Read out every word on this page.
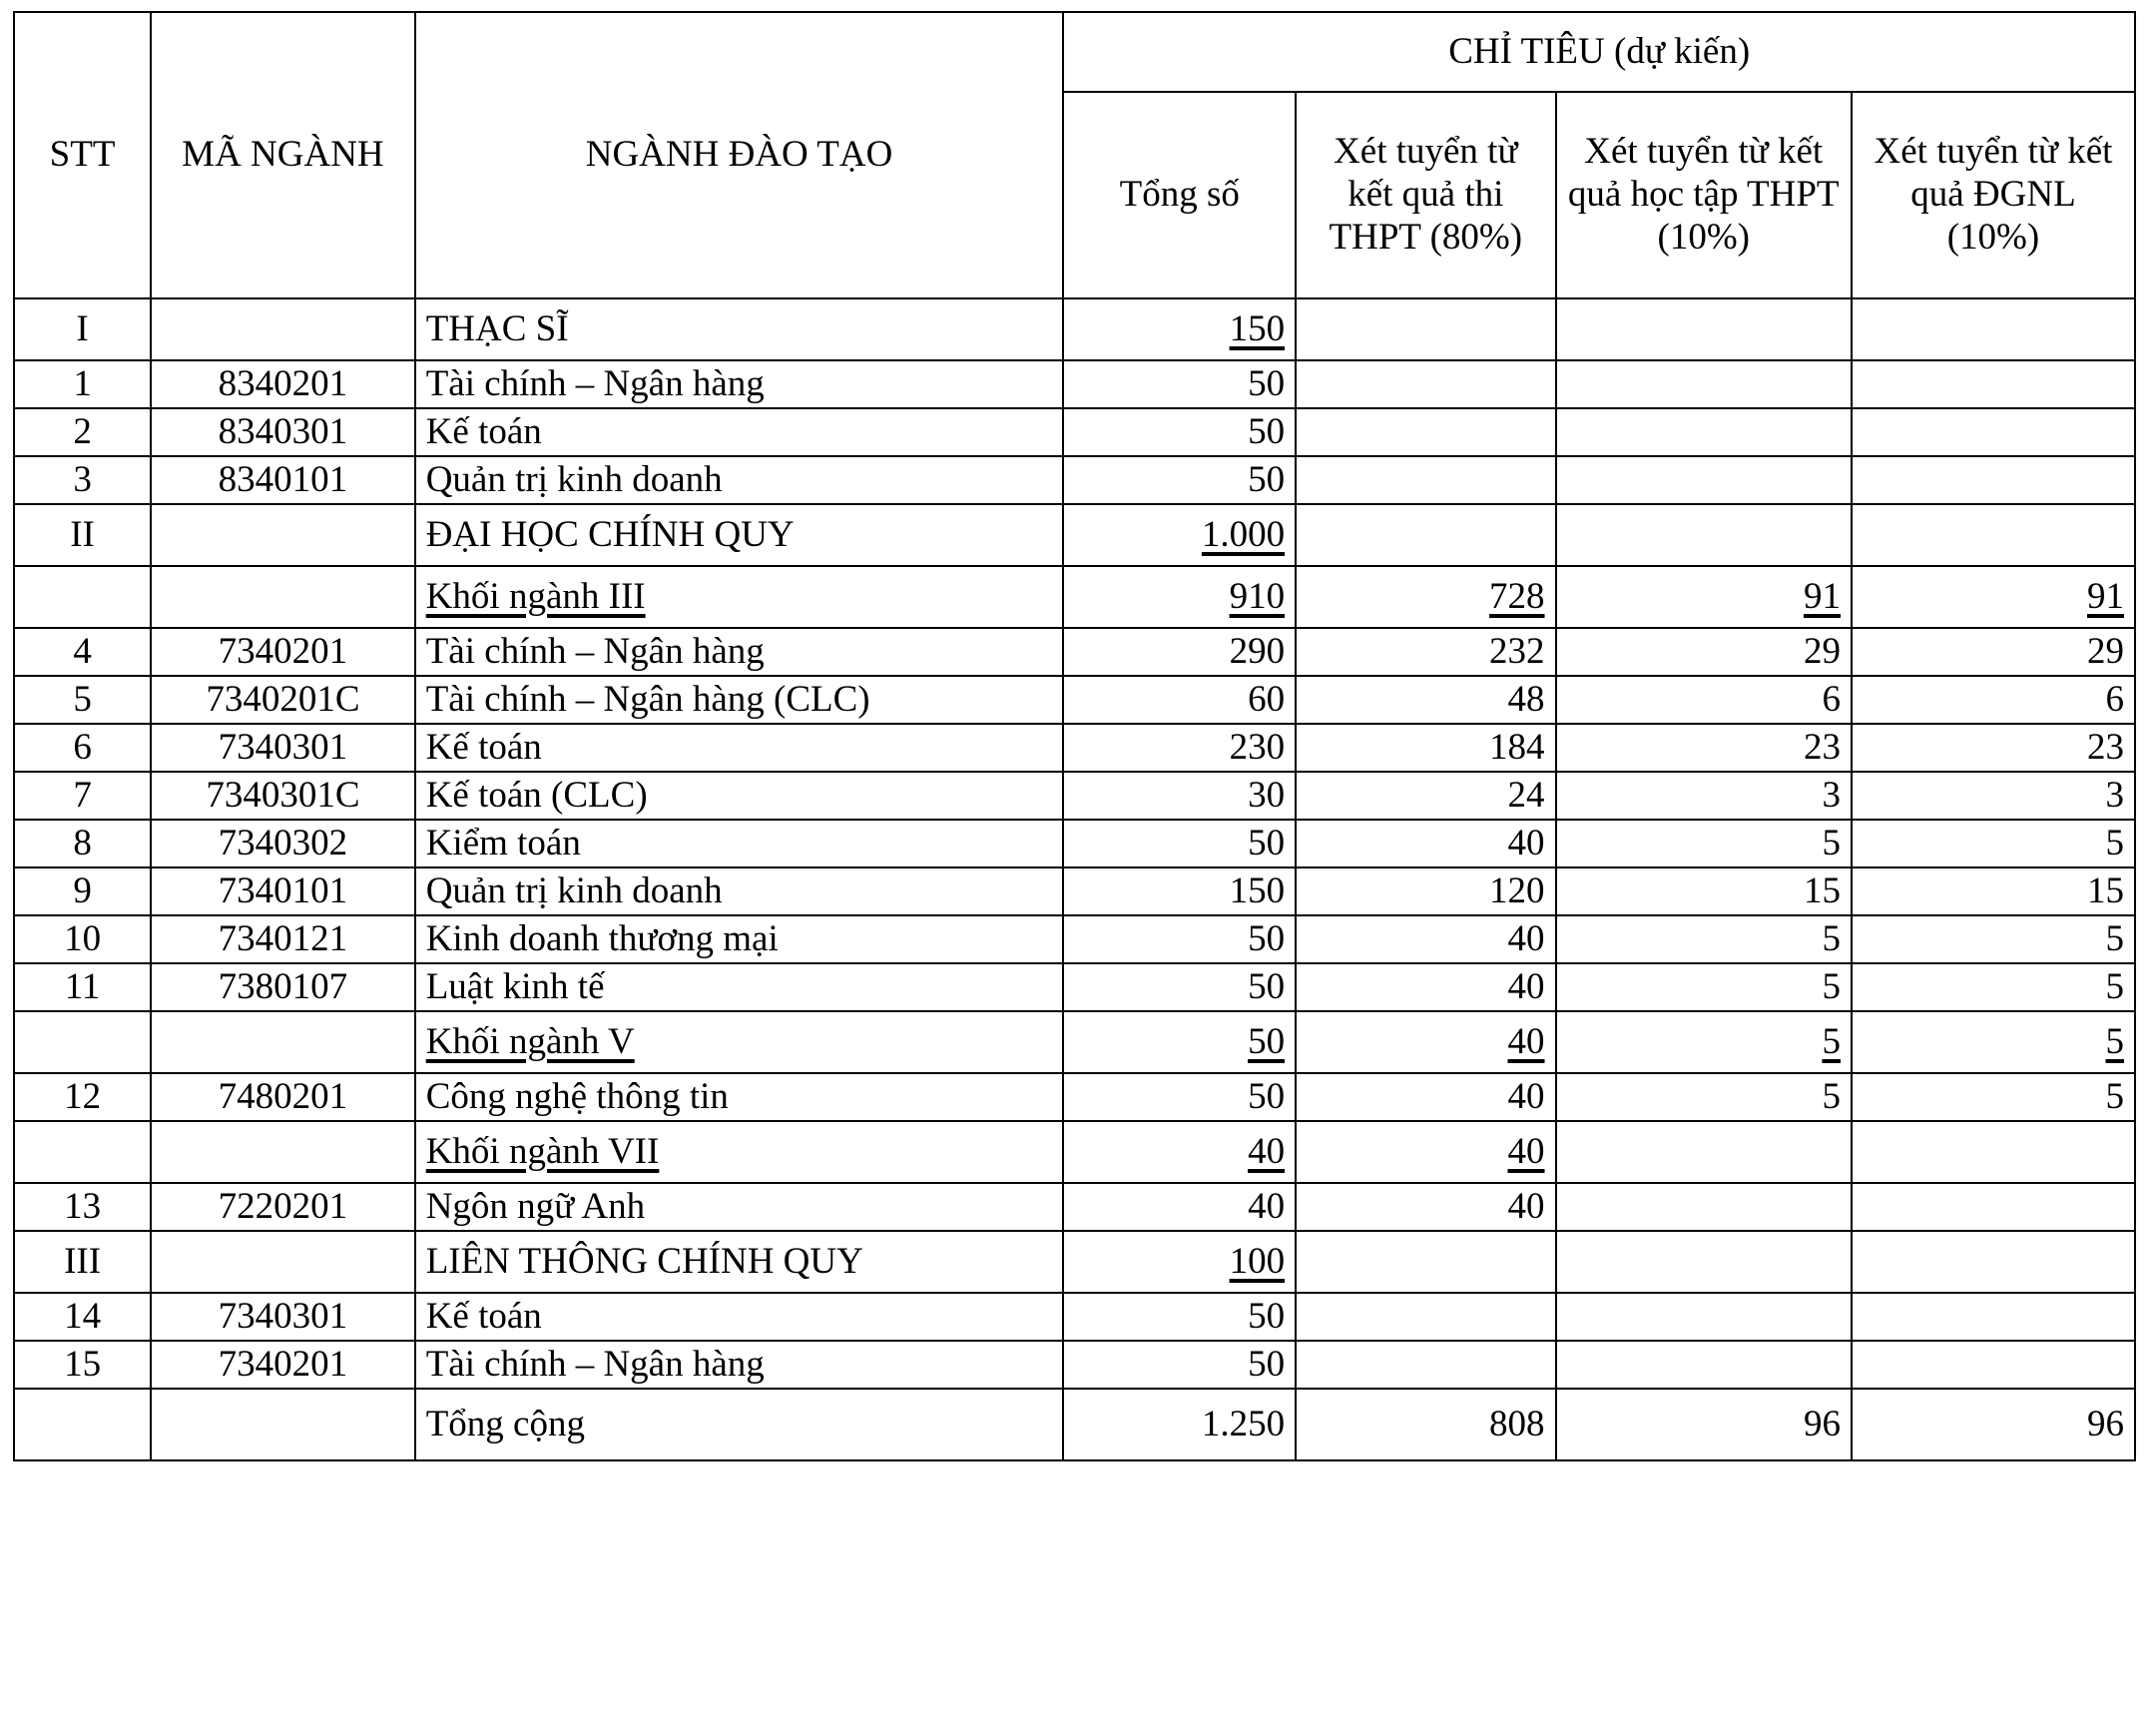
STT	MÃ NGÀNH	NGÀNH ĐÀO TẠO	CHỈ TIÊU (dự kiến)			
			Tổng số	Xét tuyển từ kết quả thi THPT (80%)	Xét tuyển từ kết quả học tập THPT (10%)	Xét tuyển từ kết quả ĐGNL (10%)
I		THẠC SĨ	150			
1	8340201	Tài chính – Ngân hàng	50			
2	8340301	Kế toán	50			
3	8340101	Quản trị kinh doanh	50			
II		ĐẠI HỌC CHÍNH QUY	1.000			
		Khối ngành III	910	728	91	91
4	7340201	Tài chính – Ngân hàng	290	232	29	29
5	7340201C	Tài chính – Ngân hàng (CLC)	60	48	6	6
6	7340301	Kế toán	230	184	23	23
7	7340301C	Kế toán (CLC)	30	24	3	3
8	7340302	Kiểm toán	50	40	5	5
9	7340101	Quản trị kinh doanh	150	120	15	15
10	7340121	Kinh doanh thương mại	50	40	5	5
11	7380107	Luật kinh tế	50	40	5	5
		Khối ngành V	50	40	5	5
12	7480201	Công nghệ thông tin	50	40	5	5
		Khối ngành VII	40	40		
13	7220201	Ngôn ngữ Anh	40	40		
III		LIÊN THÔNG CHÍNH QUY	100			
14	7340301	Kế toán	50			
15	7340201	Tài chính – Ngân hàng	50			
		Tổng cộng	1.250	808	96	96
